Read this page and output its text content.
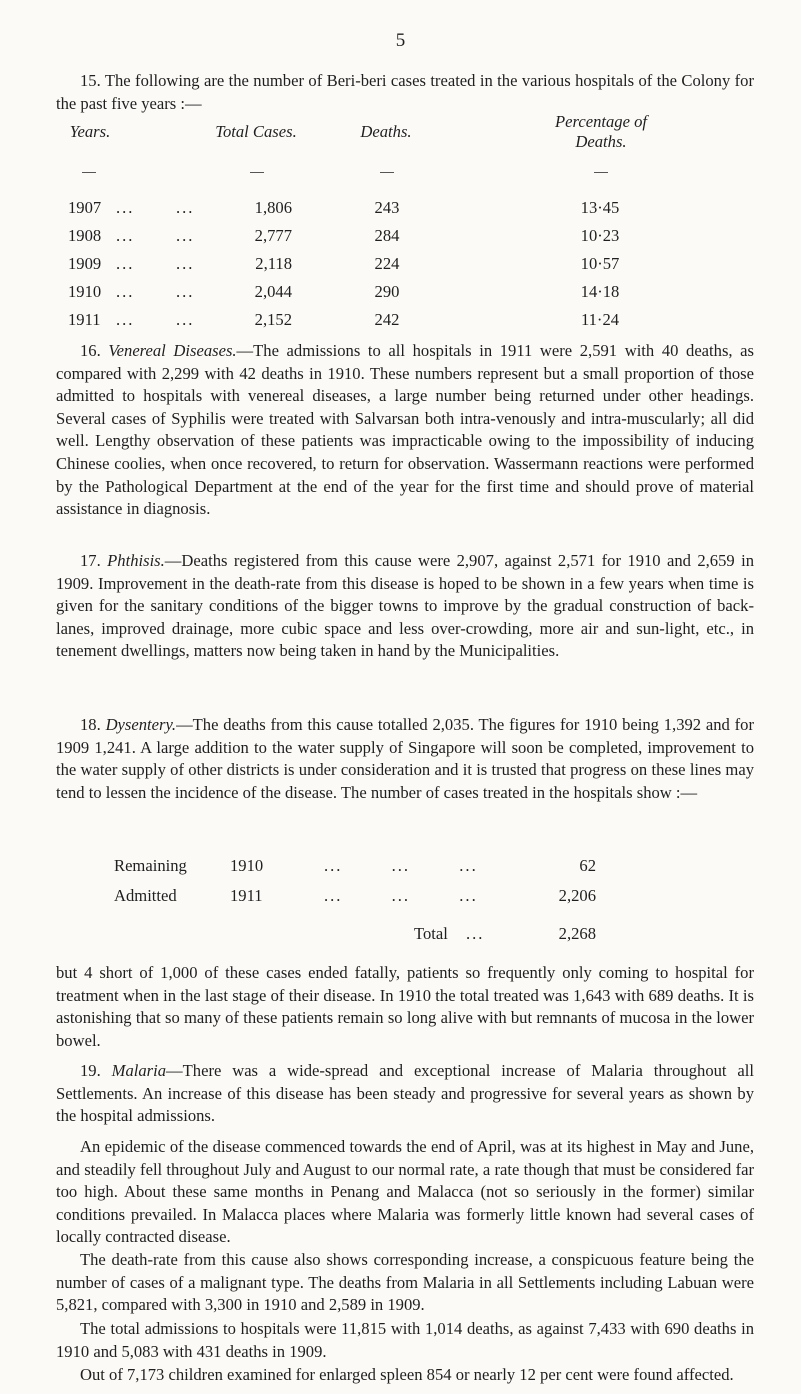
5

15. The following are the number of Beri-beri cases treated in the various hospitals of the Colony for the past five years :—

Years.	Total Cases.	Deaths.
Percentage of
Deaths.
1907 ...	...	1,806	243	13·45
1908 ...	...	2,777	284	10·23
1909 ...	...	2,118	224	10·57
1910 ...	...	2,044	290	14·18
1911 ...	...	2,152	242	11·24

16. Venereal Diseases.—The admissions to all hospitals in 1911 were 2,591 with 40 deaths, as compared with 2,299 with 42 deaths in 1910. These numbers represent but a small proportion of those admitted to hospitals with venereal diseases, a large number being returned under other headings. Several cases of Syphilis were treated with Salvarsan both intra-venously and intra-muscularly; all did well. Lengthy observation of these patients was impracticable owing to the impossibility of inducing Chinese coolies, when once recovered, to return for observation. Wassermann reactions were performed by the Pathological Department at the end of the year for the first time and should prove of material assistance in diagnosis.

17. Phthisis.—Deaths registered from this cause were 2,907, against 2,571 for 1910 and 2,659 in 1909. Improvement in the death-rate from this disease is hoped to be shown in a few years when time is given for the sanitary conditions of the bigger towns to improve by the gradual construction of back-lanes, improved drainage, more cubic space and less over-crowding, more air and sun-light, etc., in tenement dwellings, matters now being taken in hand by the Municipalities.

18. Dysentery.—The deaths from this cause totalled 2,035. The figures for 1910 being 1,392 and for 1909 1,241. A large addition to the water supply of Singapore will soon be completed, improvement to the water supply of other districts is under consideration and it is trusted that progress on these lines may tend to lessen the incidence of the disease. The number of cases treated in the hospitals show :—

Remaining	1910	...        ...        ...	62
Admitted	1911	...        ...        ...	2,206
Total ...	2,268

but 4 short of 1,000 of these cases ended fatally, patients so frequently only coming to hospital for treatment when in the last stage of their disease. In 1910 the total treated was 1,643 with 689 deaths. It is astonishing that so many of these patients remain so long alive with but remnants of mucosa in the lower bowel.

19. Malaria—There was a wide-spread and exceptional increase of Malaria throughout all Settlements. An increase of this disease has been steady and progressive for several years as shown by the hospital admissions.

An epidemic of the disease commenced towards the end of April, was at its highest in May and June, and steadily fell throughout July and August to our normal rate, a rate though that must be considered far too high. About these same months in Penang and Malacca (not so seriously in the former) similar conditions prevailed. In Malacca places where Malaria was formerly little known had several cases of locally contracted disease.

The death-rate from this cause also shows corresponding increase, a conspicuous feature being the number of cases of a malignant type. The deaths from Malaria in all Settlements including Labuan were 5,821, compared with 3,300 in 1910 and 2,589 in 1909.

The total admissions to hospitals were 11,815 with 1,014 deaths, as against 7,433 with 690 deaths in 1910 and 5,083 with 431 deaths in 1909.

Out of 7,173 children examined for enlarged spleen 854 or nearly 12 per cent were found affected.
